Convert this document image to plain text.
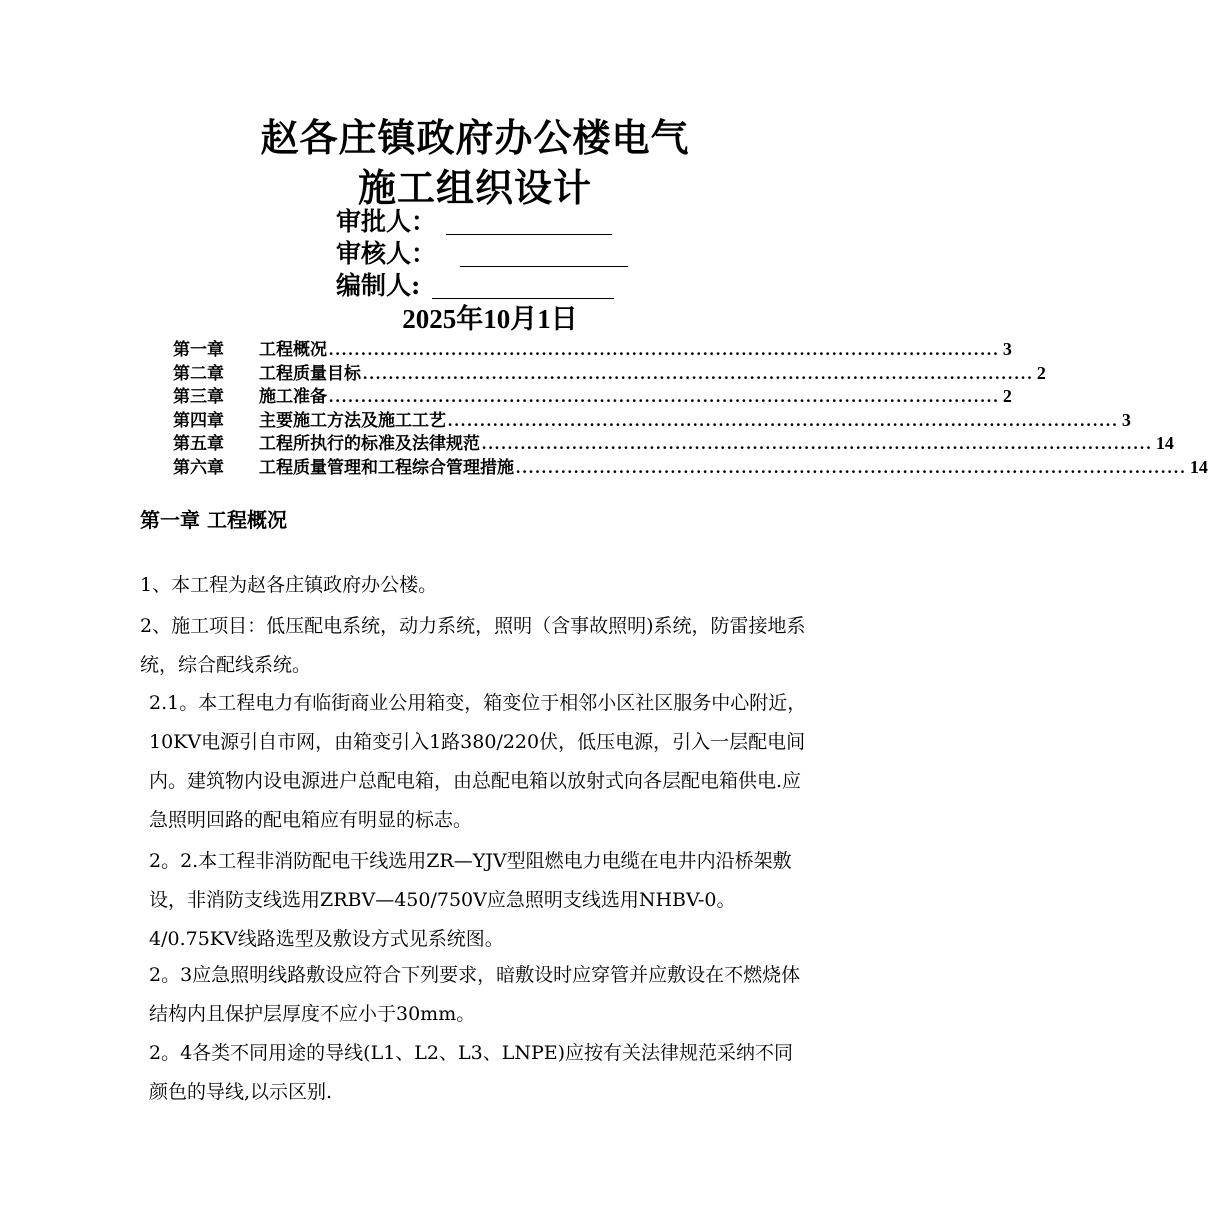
赵各庄镇政府办公楼电气
施工组织设计
审批人：
审核人：
编制人:
2025年10月1日
第一章	工程概况 ........................................................................................................ 3
第二章	工程质量目标 ........................................................................................................ 2
第三章	施工准备 ........................................................................................................ 2
第四章	主要施工方法及施工工艺 ........................................................................................................ 3
第五章	工程所执行的标准及法律规范 ........................................................................................................ 14
第六章	工程质量管理和工程综合管理措施 ........................................................................................................ 14
第一章 工程概况

1、本工程为赵各庄镇政府办公楼。

2、施工项目：低压配电系统，动力系统，照明（含事故照明)系统，防雷接地系统，综合配线系统。

2.1。本工程电力有临街商业公用箱变，箱变位于相邻小区社区服务中心附近，10KV电源引自市网，由箱变引入1路380/220伏，低压电源，引入一层配电间内。建筑物内设电源进户总配电箱，由总配电箱以放射式向各层配电箱供电.应急照明回路的配电箱应有明显的标志。

2。2.本工程非消防配电干线选用ZR—YJV型阻燃电力电缆在电井内沿桥架敷设，非消防支线选用ZRBV—450/750V应急照明支线选用NHBV-0。4/0.75KV线路选型及敷设方式见系统图。

2。3应急照明线路敷设应符合下列要求，暗敷设时应穿管并应敷设在不燃烧体结构内且保护层厚度不应小于30mm。

2。4各类不同用途的导线(L1、L2、L3、LNPE)应按有关法律规范采纳不同颜色的导线,以示区别.
